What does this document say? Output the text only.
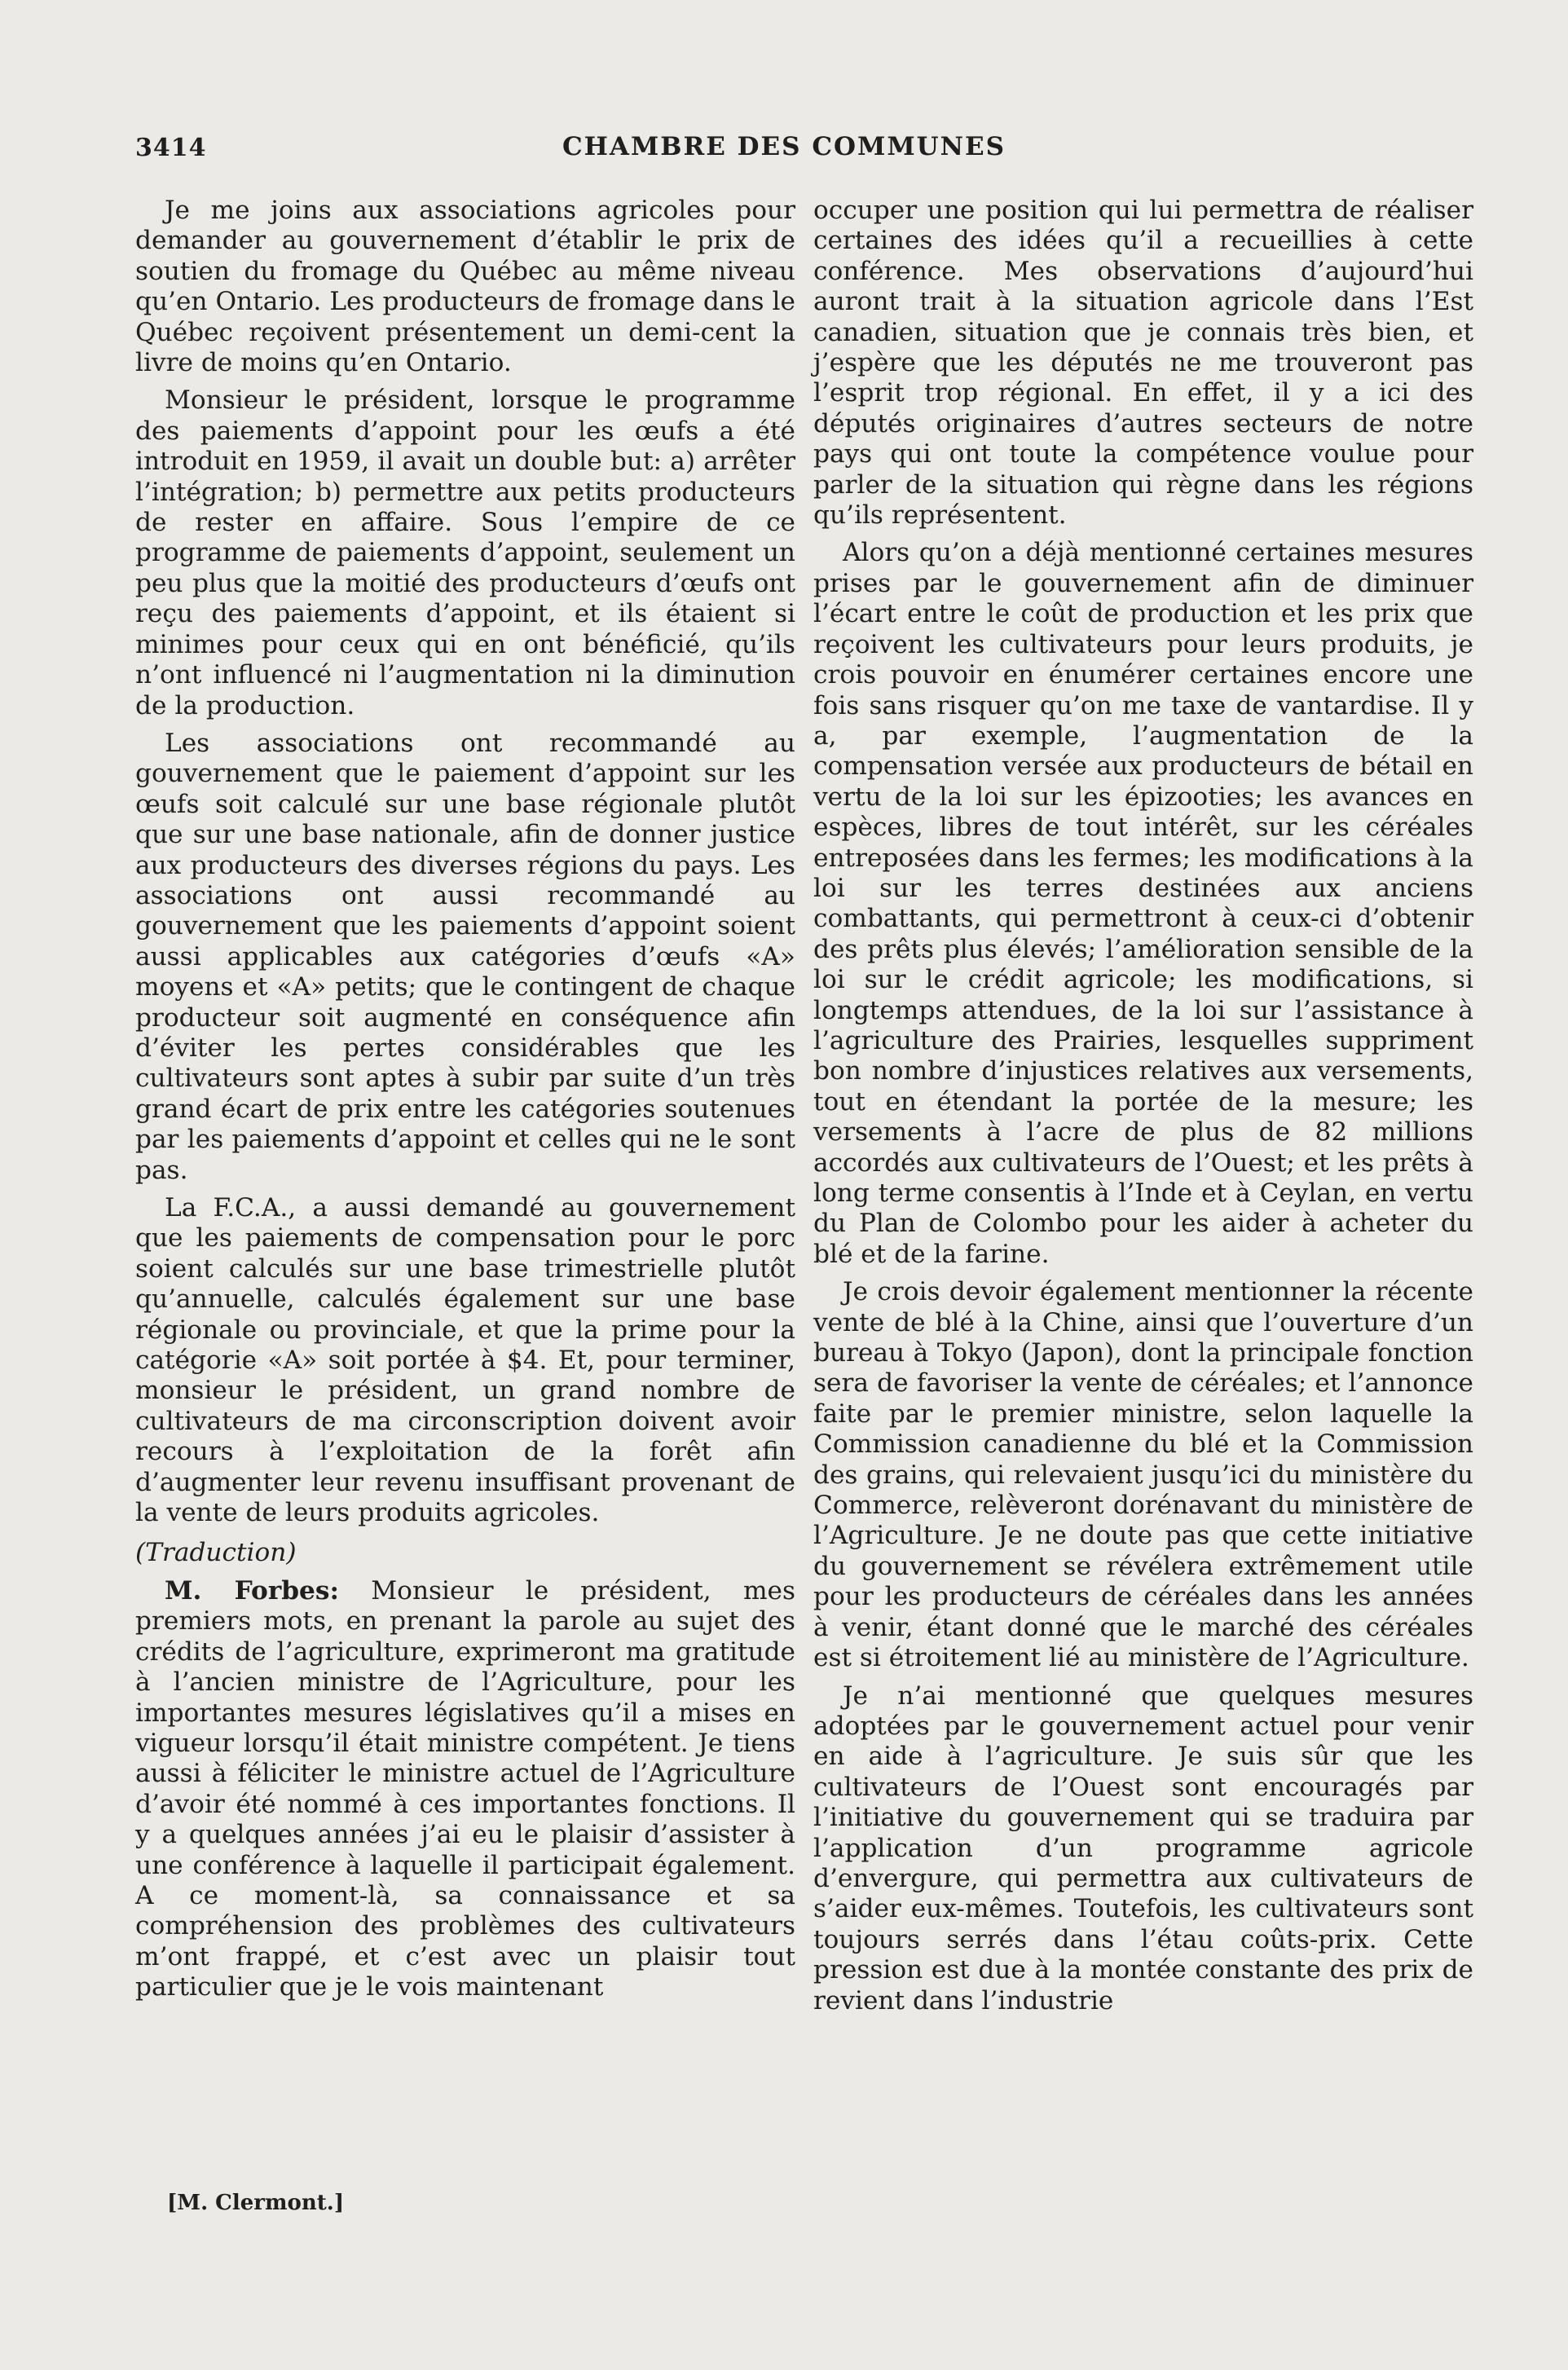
3414	CHAMBRE DES COMMUNES

Je me joins aux associations agricoles pour demander au gouvernement d’établir le prix de soutien du fromage du Québec au même niveau qu’en Ontario. Les producteurs de fromage dans le Québec reçoivent présentement un demi-cent la livre de moins qu’en Ontario.

Monsieur le président, lorsque le programme des paiements d’appoint pour les œufs a été introduit en 1959, il avait un double but: a) arrêter l’intégration; b) permettre aux petits producteurs de rester en affaire. Sous l’empire de ce programme de paiements d’appoint, seulement un peu plus que la moitié des producteurs d’œufs ont reçu des paiements d’appoint, et ils étaient si minimes pour ceux qui en ont bénéficié, qu’ils n’ont influencé ni l’augmentation ni la diminution de la production.

Les associations ont recommandé au gouvernement que le paiement d’appoint sur les œufs soit calculé sur une base régionale plutôt que sur une base nationale, afin de donner justice aux producteurs des diverses régions du pays. Les associations ont aussi recommandé au gouvernement que les paiements d’appoint soient aussi applicables aux catégories d’œufs «A» moyens et «A» petits; que le contingent de chaque producteur soit augmenté en conséquence afin d’éviter les pertes considérables que les cultivateurs sont aptes à subir par suite d’un très grand écart de prix entre les catégories soutenues par les paiements d’appoint et celles qui ne le sont pas.

La F.C.A., a aussi demandé au gouvernement que les paiements de compensation pour le porc soient calculés sur une base trimestrielle plutôt qu’annuelle, calculés également sur une base régionale ou provinciale, et que la prime pour la catégorie «A» soit portée à $4. Et, pour terminer, monsieur le président, un grand nombre de cultivateurs de ma circonscription doivent avoir recours à l’exploitation de la forêt afin d’augmenter leur revenu insuffisant provenant de la vente de leurs produits agricoles.

(Traduction)

M. Forbes: Monsieur le président, mes premiers mots, en prenant la parole au sujet des crédits de l’agriculture, exprimeront ma gratitude à l’ancien ministre de l’Agriculture, pour les importantes mesures législatives qu’il a mises en vigueur lorsqu’il était ministre compétent. Je tiens aussi à féliciter le ministre actuel de l’Agriculture d’avoir été nommé à ces importantes fonctions. Il y a quelques années j’ai eu le plaisir d’assister à une conférence à laquelle il participait également. A ce moment-là, sa connaissance et sa compréhension des problèmes des cultivateurs m’ont frappé, et c’est avec un plaisir tout particulier que je le vois maintenant

occuper une position qui lui permettra de réaliser certaines des idées qu’il a recueillies à cette conférence. Mes observations d’aujourd’hui auront trait à la situation agricole dans l’Est canadien, situation que je connais très bien, et j’espère que les députés ne me trouveront pas l’esprit trop régional. En effet, il y a ici des députés originaires d’autres secteurs de notre pays qui ont toute la compétence voulue pour parler de la situation qui règne dans les régions qu’ils représentent.

Alors qu’on a déjà mentionné certaines mesures prises par le gouvernement afin de diminuer l’écart entre le coût de production et les prix que reçoivent les cultivateurs pour leurs produits, je crois pouvoir en énumérer certaines encore une fois sans risquer qu’on me taxe de vantardise. Il y a, par exemple, l’augmentation de la compensation versée aux producteurs de bétail en vertu de la loi sur les épizooties; les avances en espèces, libres de tout intérêt, sur les céréales entreposées dans les fermes; les modifications à la loi sur les terres destinées aux anciens combattants, qui permettront à ceux-ci d’obtenir des prêts plus élevés; l’amélioration sensible de la loi sur le crédit agricole; les modifications, si longtemps attendues, de la loi sur l’assistance à l’agriculture des Prairies, lesquelles suppriment bon nombre d’injustices relatives aux versements, tout en étendant la portée de la mesure; les versements à l’acre de plus de 82 millions accordés aux cultivateurs de l’Ouest; et les prêts à long terme consentis à l’Inde et à Ceylan, en vertu du Plan de Colombo pour les aider à acheter du blé et de la farine.

Je crois devoir également mentionner la récente vente de blé à la Chine, ainsi que l’ouverture d’un bureau à Tokyo (Japon), dont la principale fonction sera de favoriser la vente de céréales; et l’annonce faite par le premier ministre, selon laquelle la Commission canadienne du blé et la Commission des grains, qui relevaient jusqu’ici du ministère du Commerce, relèveront dorénavant du ministère de l’Agriculture. Je ne doute pas que cette initiative du gouvernement se révélera extrêmement utile pour les producteurs de céréales dans les années à venir, étant donné que le marché des céréales est si étroitement lié au ministère de l’Agriculture.

Je n’ai mentionné que quelques mesures adoptées par le gouvernement actuel pour venir en aide à l’agriculture. Je suis sûr que les cultivateurs de l’Ouest sont encouragés par l’initiative du gouvernement qui se traduira par l’application d’un programme agricole d’envergure, qui permettra aux cultivateurs de s’aider eux-mêmes. Toutefois, les cultivateurs sont toujours serrés dans l’étau coûts-prix. Cette pression est due à la montée constante des prix de revient dans l’industrie

[M. Clermont.]
